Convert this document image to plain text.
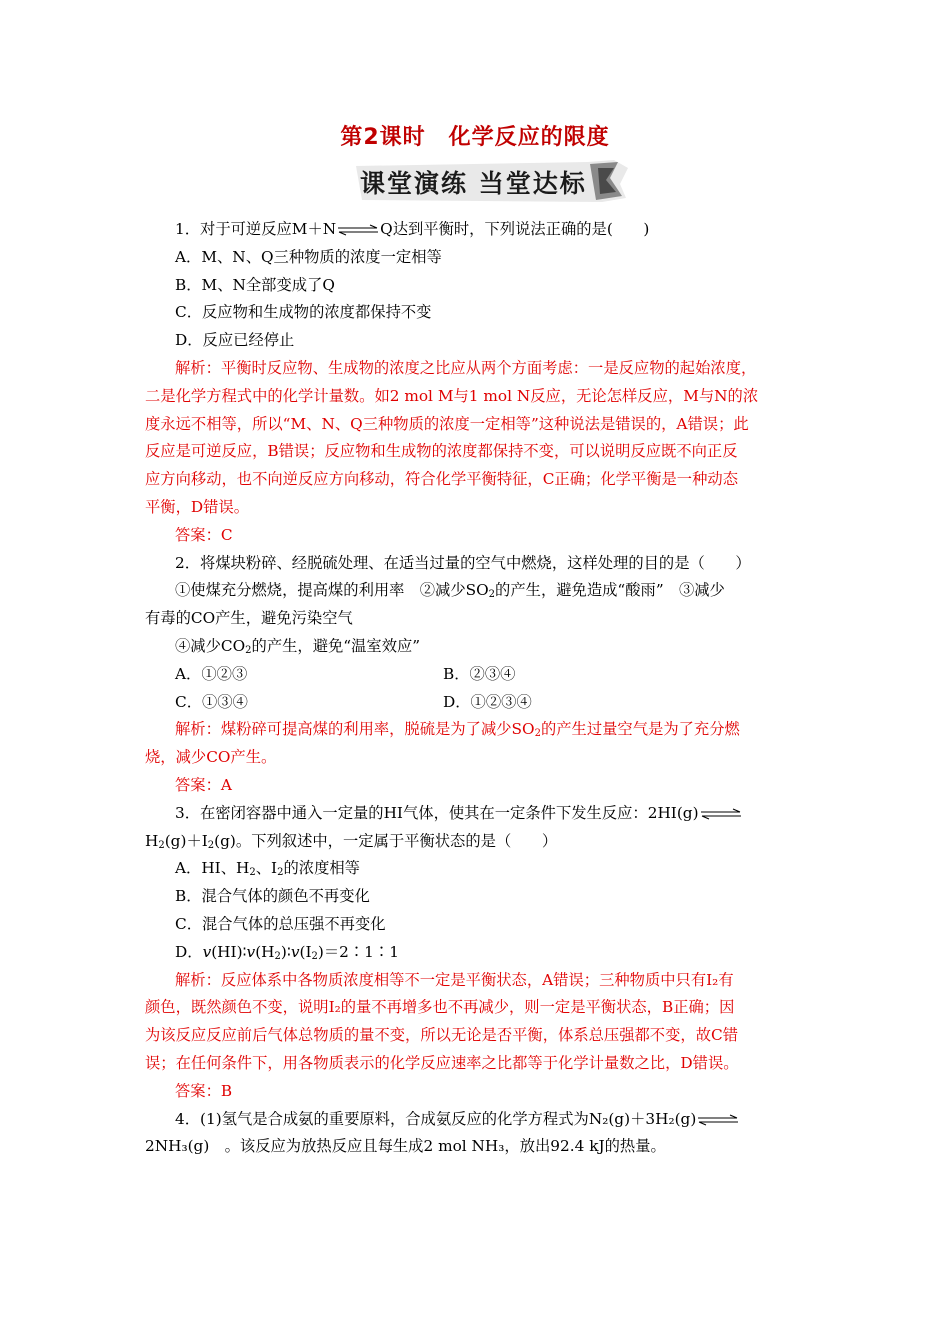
第2课时　化学反应的限度
课堂演练 当堂达标

1．对于可逆反应M＋N⇌Q达到平衡时，下列说法正确的是(　　)

A．M、N、Q三种物质的浓度一定相等

B．M、N全部变成了Q

C．反应物和生成物的浓度都保持不变

D．反应已经停止

解析：平衡时反应物、生成物的浓度之比应从两个方面考虑：一是反应物的起始浓度，

二是化学方程式中的化学计量数。如2 mol M与1 mol N反应，无论怎样反应，M与N的浓

度永远不相等，所以“M、N、Q三种物质的浓度一定相等”这种说法是错误的，A错误；此

反应是可逆反应，B错误；反应物和生成物的浓度都保持不变，可以说明反应既不向正反

应方向移动，也不向逆反应方向移动，符合化学平衡特征，C正确；化学平衡是一种动态

平衡，D错误。

答案：C

2．将煤块粉碎、经脱硫处理、在适当过量的空气中燃烧，这样处理的目的是（　　）

①使煤充分燃烧，提高煤的利用率　②减少$SO_2$的产生，避免造成“酸雨”　③减少

有毒的CO产生，避免污染空气

④减少$CO_2$的产生，避免“温室效应”

A．①②③	B．②③④

C．①③④	D．①②③④

解析：煤粉碎可提高煤的利用率，脱硫是为了减少$SO_2$的产生过量空气是为了充分燃

烧，减少CO产生。

答案：A

3．在密闭容器中通入一定量的HI气体，使其在一定条件下发生反应：2HI(g)⇌

$H_2(g)+I_2(g)$。下列叙述中，一定属于平衡状态的是（　　）

A．HI、$H_2$、$I_2$的浓度相等

B．混合气体的颜色不再变化

C．混合气体的总压强不再变化

D．$v(HI)∶v(H_2)∶v(I_2)=2∶1∶1$

解析：反应体系中各物质浓度相等不一定是平衡状态，A错误；三种物质中只有I₂有

颜色，既然颜色不变，说明I₂的量不再增多也不再减少，则一定是平衡状态，B正确；因

为该反应反应前后气体总物质的量不变，所以无论是否平衡，体系总压强都不变，故C错

误；在任何条件下，用各物质表示的化学反应速率之比都等于化学计量数之比，D错误。

答案：B

4．(1)氢气是合成氨的重要原料，合成氨反应的化学方程式为N₂(g)＋3H₂(g)⇌

2NH₃(g)　。该反应为放热反应且每生成2 mol NH₃，放出92.4 kJ的热量。
